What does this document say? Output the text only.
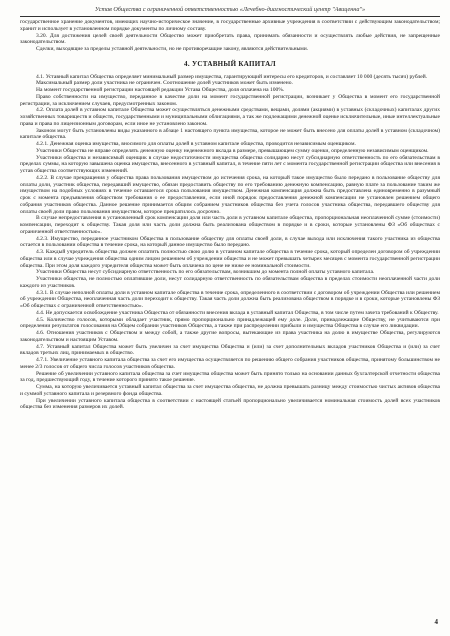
Устав Общества с ограниченной ответственностью «Лечебно-диагностический центр "Авиценна"»

государственное хранение документов, имеющих научно-историческое значение, в государственные архивные учреждения в соответствии с действующим законодательством; хранит и использует в установленном порядке документы по личному составу.

3.20. Для достижения целей своей деятельности Общество может приобретать права, принимать обязанности и осуществлять любые действия, не запрещенные законодательством.

Сделки, выходящие за пределы уставной деятельности, но не противоречащие закону, являются действительными.

4. УСТАВНЫЙ КАПИТАЛ

4.1. Уставный капитал Общества определяет минимальный размер имущества, гарантирующий интересы его кредиторов, и составляет 10 000 (десять тысяч) рублей.

Максимальный размер доли участника не ограничен. Соотношение долей участников может быть изменено.

На момент государственной регистрации настоящей редакции Устава Общества, доля оплачена на 100%.

Право собственности на имущество, переданное в качестве доли на момент государственной регистрации, возникает у Общества в момент его государственной регистрации, за исключением случаев, предусмотренных законом.

4.2. Оплата долей в уставном капитале Общества может осуществляться денежными средствами, вещами, долями (акциями) в уставных (складочных) капиталах других хозяйственных товариществ и обществ, государственными и муниципальными облигациями, а так же подлежащими денежной оценке исключительные, иные интеллектуальные права и права по лицензионным договорам, если иное не установлено законом.

Законом могут быть установлены виды указанного в абзаце 1 настоящего пункта имущества, которое не может быть внесено для оплаты долей в уставном (складочном) капитале общества.

4.2.1. Денежная оценка имущества, вносимого для оплаты долей в уставном капитале общества, проводится независимым оценщиком.

Участники Общества не вправе определять денежную оценку неденежного вклада в размере, превышающем сумму оценки, определенную независимым оценщиком.

Участники общества и независимый оценщик в случае недостаточности имущества общества солидарно несут субсидиарную ответственность по его обязательствам в пределах суммы, на которую завышена оценка имущества, внесенного в уставный капитал, в течение пяти лет с момента государственной регистрации общества или внесения в устав общества соответствующих изменений.

4.2.2. В случае прекращения у общества права пользования имуществом до истечения срока, на который такое имущество было передано в пользование обществу для оплаты доли, участник общества, передавший имущество, обязан предоставить обществу по его требованию денежную компенсацию, равную плате за пользование таким же имуществом на подобных условиях в течение оставшегося срока пользования имуществом. Денежная компенсация должна быть предоставлена единовременно в разумный срок с момента предъявления обществом требования о ее предоставлении, если иной порядок предоставления денежной компенсации не установлен решением общего собрания участников общества. Данное решение принимается общим собранием участников общества без учета голосов участника общества, передавшего обществу для оплаты своей доли право пользования имуществом, которое прекратилось досрочно.

В случае непредоставления в установленный срок компенсации доля или часть доли в уставном капитале общества, пропорциональная неоплаченной сумме (стоимости) компенсации, переходит к обществу. Такая доля или часть доли должна быть реализована обществом в порядке и в сроки, которые установлены ФЗ «Об обществах с ограниченной ответственностью».

4.2.3. Имущество, переданное участником Общества в пользование обществу для оплаты своей доли, в случае выхода или исключения такого участника из общества остается в пользовании общества в течение срока, на который данное имущество было передано.

4.3. Каждый учредитель общества должен оплатить полностью свою долю в уставном капитале общества в течение срока, который определен договором об учреждении общества или в случае учреждения общества одним лицом решением об учреждении общества и не может превышать четырех месяцев с момента государственной регистрации общества. При этом доля каждого учредителя общества может быть оплачена по цене не ниже ее номинальной стоимости.

Участники Общества несут субсидиарную ответственность по его обязательствам, возникшим до момента полной оплаты уставного капитала.

Участники общества, не полностью оплатившие доли, несут солидарную ответственность по обязательствам общества в пределах стоимости неоплаченной части доли каждого из участников.

4.3.1. В случае неполной оплаты доли в уставном капитале общества в течение срока, определенного в соответствии с договором об учреждении Общества или решением об учреждении Общества, неоплаченная часть доли переходит к обществу. Такая часть доли должна быть реализована обществом в порядке и в сроки, которые установлены ФЗ «Об обществах с ограниченной ответственностью».

4.4. Не допускается освобождение участника Общества от обязанности внесения вклада в уставный капитал Общества, в том числе путем зачета требований к Обществу.

4.5. Количество голосов, которыми обладает участник, прямо пропорционально принадлежащей ему доле. Доли, принадлежащие Обществу, не учитываются при определении результатов голосования на Общем собрании участников Общества, а также при распределении прибыли и имущества Общества в случае его ликвидации.

4.6. Отношения участников с Обществом и между собой, а также другие вопросы, вытекающие из права участника на долю в имуществе Общества, регулируются законодательством и настоящим Уставом.

4.7. Уставный капитал Общества может быть увеличен за счет имущества Общества и (или) за счет дополнительных вкладов участников Общества и (или) за счет вкладов третьих лиц, принимаемых в общество.

4.7.1. Увеличение уставного капитала общества за счет его имущества осуществляется по решению общего собрания участников общества, принятому большинством не менее 2/3 голосов от общего числа голосов участников общества.

Решение об увеличении уставного капитала общества за счет имущества общества может быть принято только на основании данных бухгалтерской отчетности общества за год, предшествующий году, в течение которого принято такое решение.

Сумма, на которую увеличивается уставный капитал общества за счет имущества общества, не должна превышать разницу между стоимостью чистых активов общества и суммой уставного капитала и резервного фонда общества.

При увеличении уставного капитала общества в соответствии с настоящей статьей пропорционально увеличивается номинальная стоимость долей всех участников общества без изменения размеров их долей.

4
